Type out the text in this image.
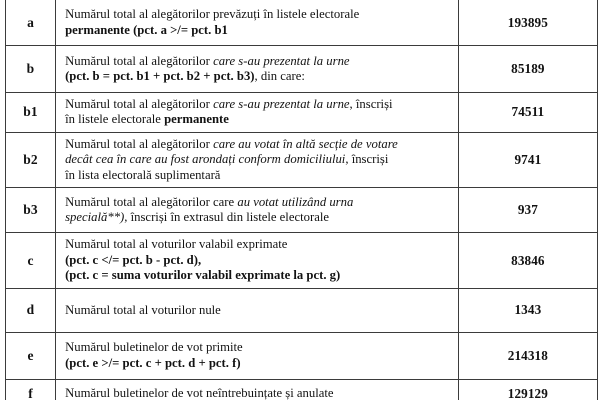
a	Numărul total al alegătorilor prevăzuți în listele electorale
permanente (pct. a >/= pct. b1	193895
b	Numărul total al alegătorilor care s-au prezentat la urne
(pct. b = pct. b1 + pct. b2 + pct. b3), din care:	85189
b1	Numărul total al alegătorilor care s-au prezentat la urne, înscriși
în listele electorale permanente	74511
b2	Numărul total al alegătorilor care au votat în altă secție de votare
decât cea în care au fost arondați conform domiciliului, înscriși
în lista electorală suplimentară	9741
b3	Numărul total al alegătorilor care au votat utilizând urna
specială**), înscriși în extrasul din listele electorale	937
c	Numărul total al voturilor valabil exprimate
(pct. c </= pct. b - pct. d),
(pct. c = suma voturilor valabil exprimate la pct. g)	83846
d	Numărul total al voturilor nule	1343
e	Numărul buletinelor de vot primite
(pct. e >/= pct. c + pct. d + pct. f)	214318
f	Numărul buletinelor de vot neîntrebuințate și anulate	129129
